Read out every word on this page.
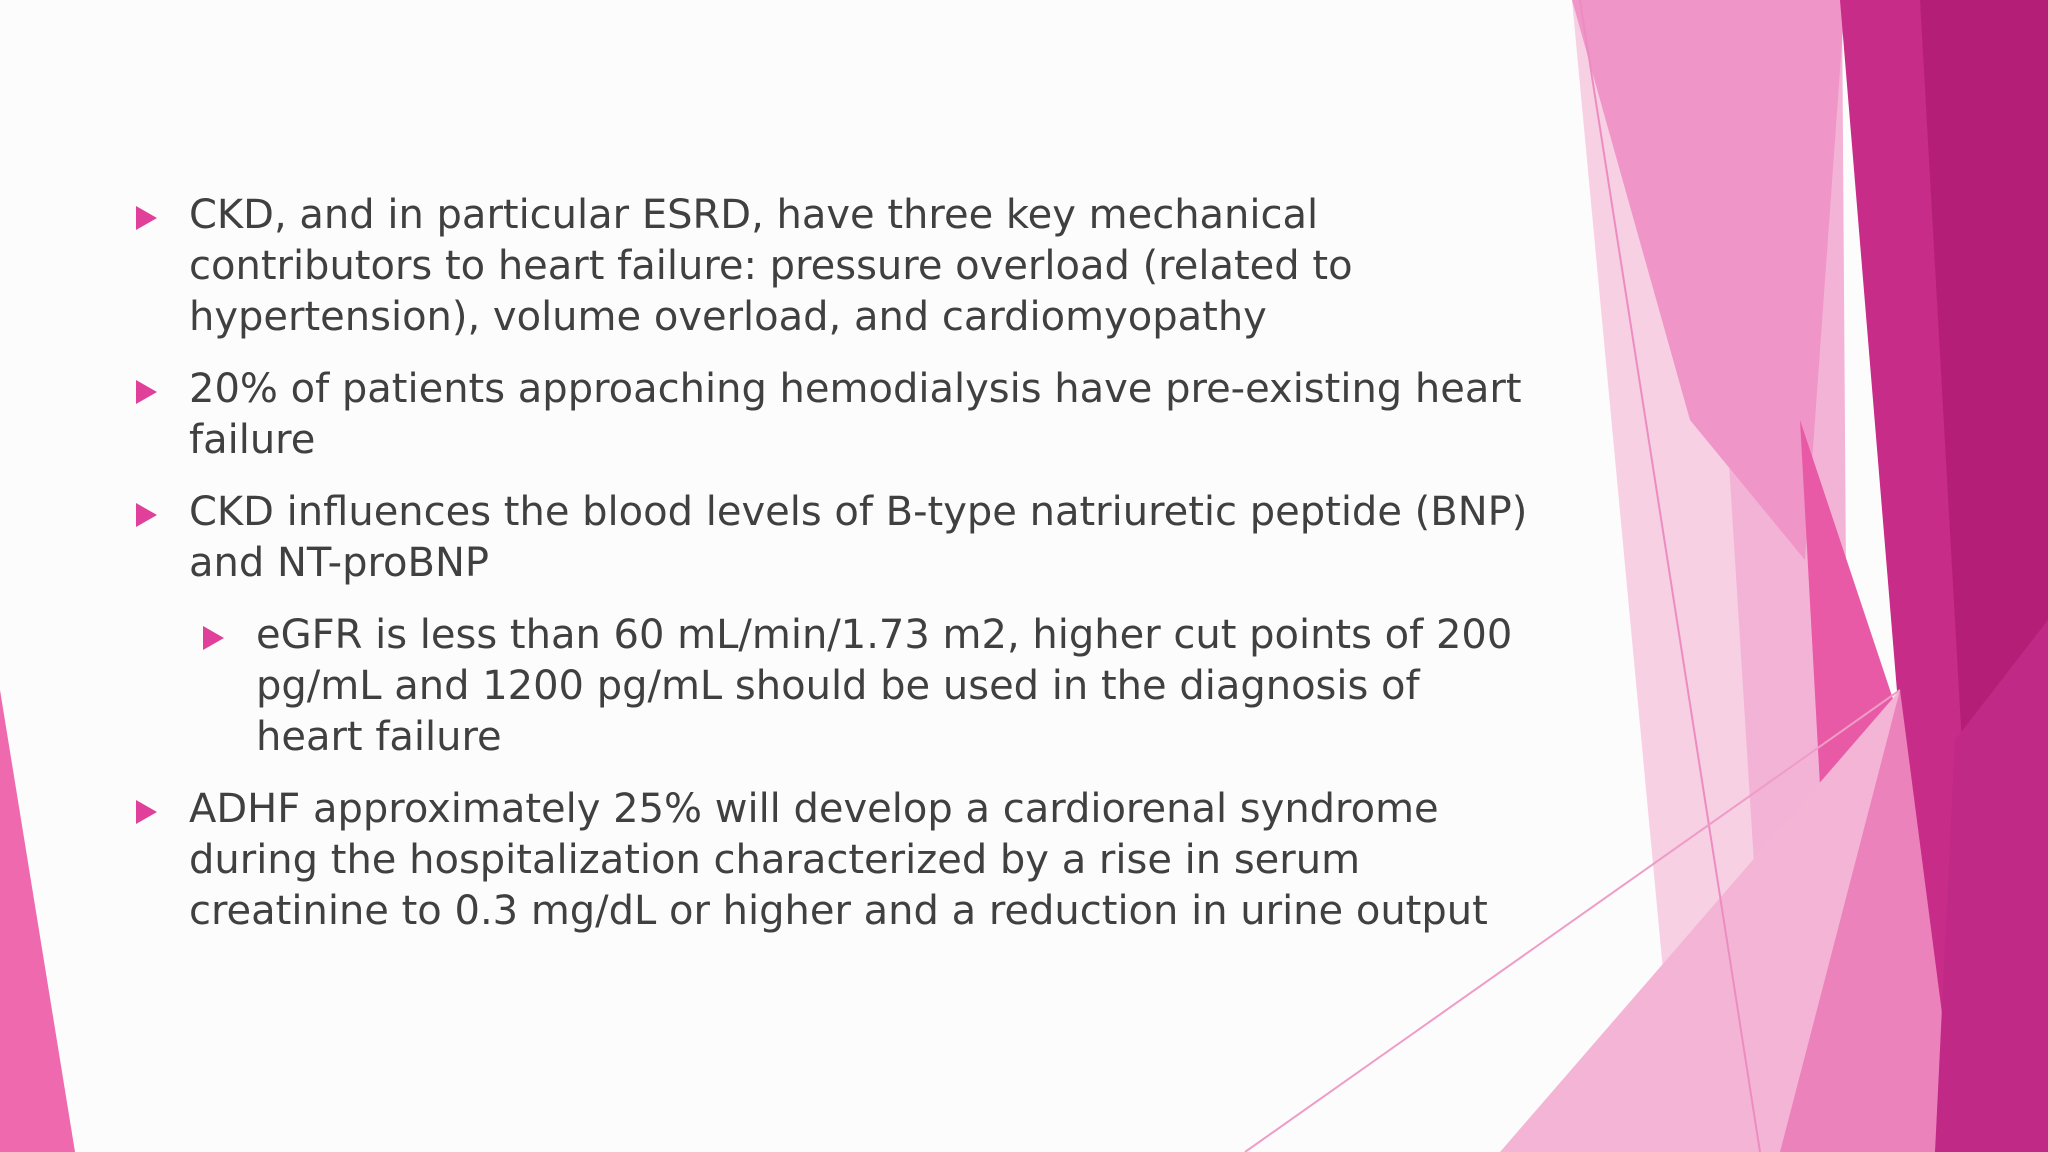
CKD, and in particular ESRD, have three key mechanical contributors to heart failure: pressure overload (related to hypertension), volume overload, and cardiomyopathy
20% of patients approaching hemodialysis have pre-existing heart failure
CKD influences the blood levels of B-type natriuretic peptide (BNP) and NT-proBNP
eGFR is less than 60 mL/min/1.73 m2, higher cut points of 200 pg/mL and 1200 pg/mL should be used in the diagnosis of heart failure
ADHF approximately 25% will develop a cardiorenal syndrome during the hospitalization characterized by a rise in serum creatinine to 0.3 mg/dL or higher and a reduction in urine output
